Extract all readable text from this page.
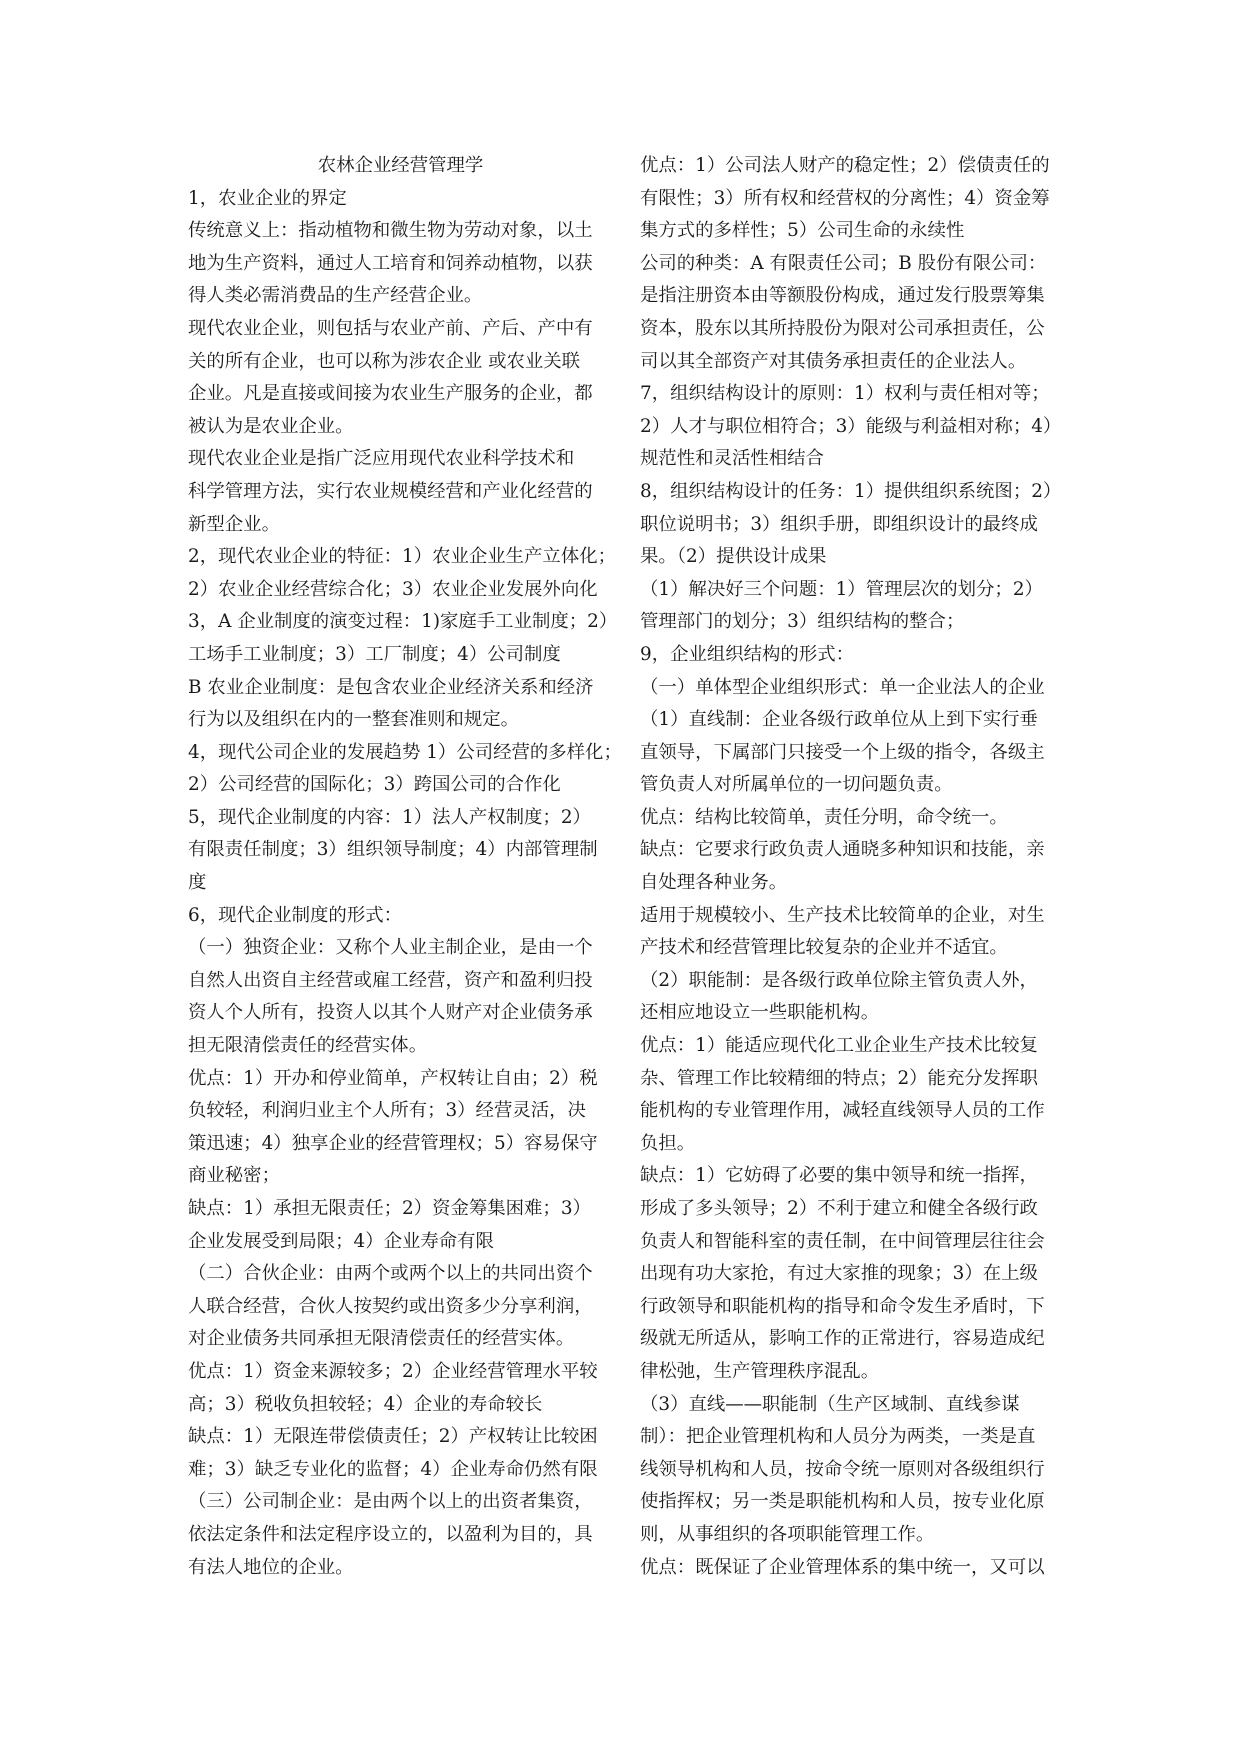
农林企业经营管理学
1，农业企业的界定
传统意义上：指动植物和微生物为劳动对象，以土
地为生产资料，通过人工培育和饲养动植物，以获
得人类必需消费品的生产经营企业。
现代农业企业，则包括与农业产前、产后、产中有
关的所有企业，也可以称为涉农企业 或农业关联
企业。凡是直接或间接为农业生产服务的企业，都
被认为是农业企业。
现代农业企业是指广泛应用现代农业科学技术和
科学管理方法，实行农业规模经营和产业化经营的
新型企业。
2，现代农业企业的特征：1）农业企业生产立体化；
2）农业企业经营综合化；3）农业企业发展外向化
3，A 企业制度的演变过程：1)家庭手工业制度；2）
工场手工业制度；3）工厂制度；4）公司制度
B 农业企业制度：是包含农业企业经济关系和经济
行为以及组织在内的一整套准则和规定。
4，现代公司企业的发展趋势 1）公司经营的多样化；
2）公司经营的国际化；3）跨国公司的合作化
5，现代企业制度的内容：1）法人产权制度；2）
有限责任制度；3）组织领导制度；4）内部管理制
度
6，现代企业制度的形式：
（一）独资企业：又称个人业主制企业，是由一个
自然人出资自主经营或雇工经营，资产和盈利归投
资人个人所有，投资人以其个人财产对企业债务承
担无限清偿责任的经营实体。
优点：1）开办和停业简单，产权转让自由；2）税
负较轻，利润归业主个人所有；3）经营灵活，决
策迅速；4）独享企业的经营管理权；5）容易保守
商业秘密；
缺点：1）承担无限责任；2）资金筹集困难；3）
企业发展受到局限；4）企业寿命有限
（二）合伙企业：由两个或两个以上的共同出资个
人联合经营，合伙人按契约或出资多少分享利润，
对企业债务共同承担无限清偿责任的经营实体。
优点：1）资金来源较多；2）企业经营管理水平较
高；3）税收负担较轻；4）企业的寿命较长
缺点：1）无限连带偿债责任；2）产权转让比较困
难；3）缺乏专业化的监督；4）企业寿命仍然有限
（三）公司制企业：是由两个以上的出资者集资，
依法定条件和法定程序设立的，以盈利为目的，具
有法人地位的企业。
优点：1）公司法人财产的稳定性；2）偿债责任的
有限性；3）所有权和经营权的分离性；4）资金筹
集方式的多样性；5）公司生命的永续性
公司的种类：A 有限责任公司；B 股份有限公司：
是指注册资本由等额股份构成，通过发行股票筹集
资本，股东以其所持股份为限对公司承担责任，公
司以其全部资产对其债务承担责任的企业法人。
7，组织结构设计的原则：1）权利与责任相对等；
2）人才与职位相符合；3）能级与利益相对称；4）
规范性和灵活性相结合
8，组织结构设计的任务：1）提供组织系统图；2）
职位说明书；3）组织手册，即组织设计的最终成
果。（2）提供设计成果
（1）解决好三个问题：1）管理层次的划分；2）
管理部门的划分；3）组织结构的整合；
9，企业组织结构的形式：
（一）单体型企业组织形式：单一企业法人的企业
（1）直线制：企业各级行政单位从上到下实行垂
直领导，下属部门只接受一个上级的指令，各级主
管负责人对所属单位的一切问题负责。
优点：结构比较简单，责任分明，命令统一。
缺点：它要求行政负责人通晓多种知识和技能，亲
自处理各种业务。
适用于规模较小、生产技术比较简单的企业，对生
产技术和经营管理比较复杂的企业并不适宜。
（2）职能制：是各级行政单位除主管负责人外，
还相应地设立一些职能机构。
优点：1）能适应现代化工业企业生产技术比较复
杂、管理工作比较精细的特点；2）能充分发挥职
能机构的专业管理作用，减轻直线领导人员的工作
负担。
缺点：1）它妨碍了必要的集中领导和统一指挥，
形成了多头领导；2）不利于建立和健全各级行政
负责人和智能科室的责任制，在中间管理层往往会
出现有功大家抢，有过大家推的现象；3）在上级
行政领导和职能机构的指导和命令发生矛盾时，下
级就无所适从，影响工作的正常进行，容易造成纪
律松弛，生产管理秩序混乱。
（3）直线——职能制（生产区域制、直线参谋
制）：把企业管理机构和人员分为两类，一类是直
线领导机构和人员，按命令统一原则对各级组织行
使指挥权；另一类是职能机构和人员，按专业化原
则，从事组织的各项职能管理工作。
优点：既保证了企业管理体系的集中统一，又可以
